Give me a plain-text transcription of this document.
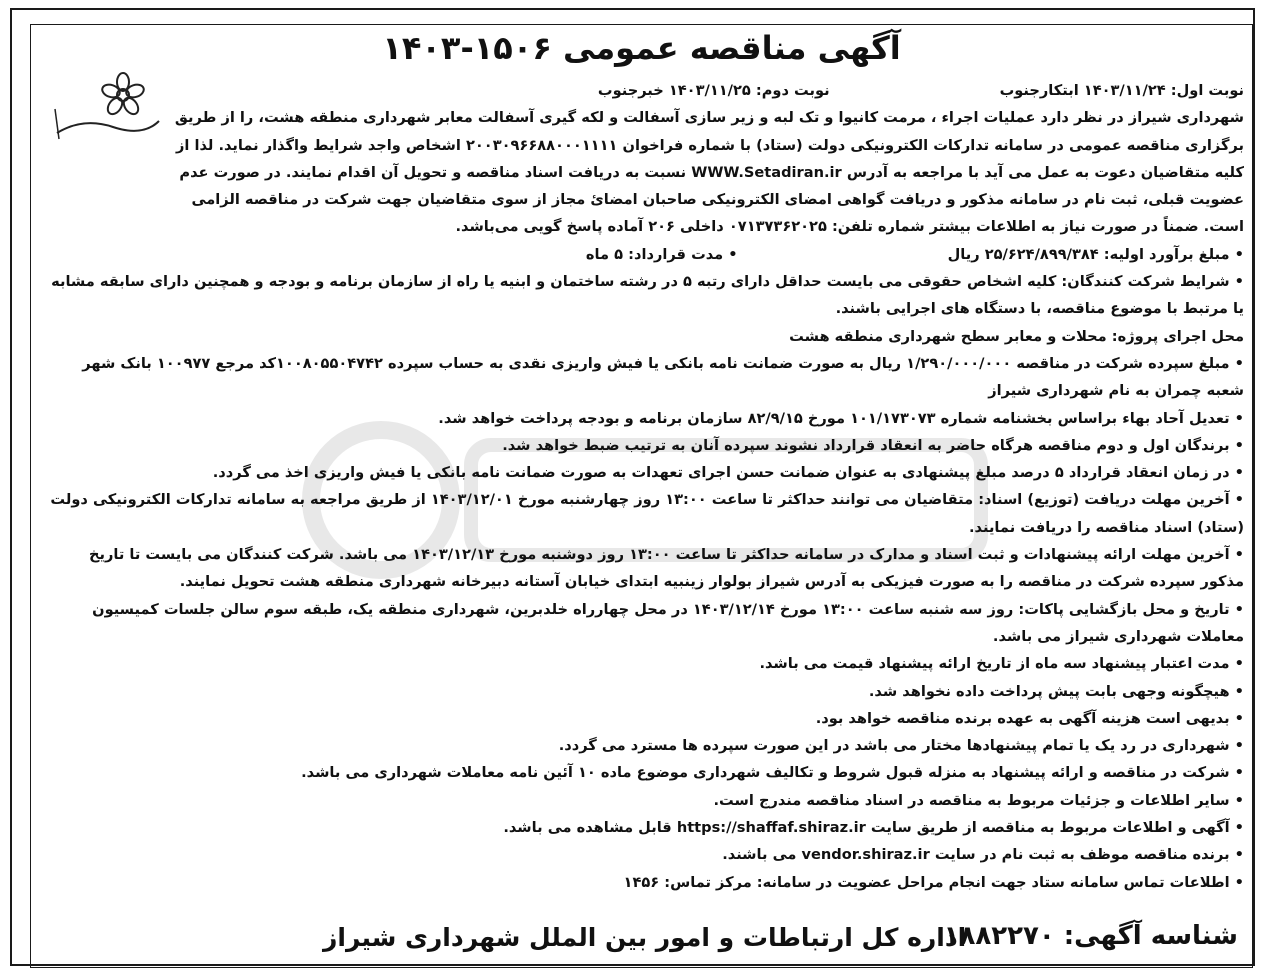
آگهی مناقصه عمومی ۱۵۰۶-۱۴۰۳
نوبت اول: ۱۴۰۳/۱۱/۲۴ ابتکارجنوب
نوبت دوم: ۱۴۰۳/۱۱/۲۵ خبرجنوب

شهرداری شیراز در نظر دارد عملیات اجراء ، مرمت کانیوا و تک لبه و زیر سازی آسفالت و لکه گیری آسفالت معابر شهرداری منطقه هشت، را از طریق برگزاری مناقصه عمومی در سامانه تدارکات الکترونیکی دولت (ستاد) با شماره فراخوان ۲۰۰۳۰۹۶۶۸۸۰۰۰۱۱۱۱ اشخاص واجد شرایط واگذار نماید. لذا از کلیه متقاضیان دعوت به عمل می آید با مراجعه به آدرس WWW.Setadiran.ir نسبت به دریافت اسناد مناقصه و تحویل آن اقدام نمایند. در صورت عدم عضویت قبلی، ثبت نام در سامانه مذکور و دریافت گواهی امضای الکترونیکی صاحبان امضائ مجاز از سوی متقاضیان جهت شرکت در مناقصه الزامی است. ضمناً در صورت نیاز به اطلاعات بیشتر شماره تلفن: ۰۷۱۳۷۳۶۲۰۲۵ داخلی ۲۰۶ آماده پاسخ گویی می‌باشد.

• مبلغ برآورد اولیه: ۲۵/۶۲۴/۸۹۹/۳۸۴ ریال
• مدت قرارداد: ۵ ماه

• شرایط شرکت کنندگان: کلیه اشخاص حقوقی می بایست حداقل دارای رتبه ۵ در رشته ساختمان و ابنیه یا راه از سازمان برنامه و بودجه و همچنین دارای سابقه مشابه یا مرتبط با موضوع مناقصه، با دستگاه های اجرایی باشند.

محل اجرای پروژه: محلات و معابر سطح شهرداری منطقه هشت

• مبلغ سپرده شرکت در مناقصه ۱/۲۹۰/۰۰۰/۰۰۰ ریال به صورت ضمانت نامه بانکی یا فیش واریزی نقدی به حساب سپرده ۱۰۰۸۰۵۵۰۴۷۴۲کد مرجع ۱۰۰۹۷۷ بانک شهر شعبه چمران به نام شهرداری شیراز

• تعدیل آحاد بهاء براساس بخشنامه شماره ۱۰۱/۱۷۳۰۷۳ مورخ ۸۲/۹/۱۵ سازمان برنامه و بودجه پرداخت خواهد شد.

• برندگان اول و دوم مناقصه هرگاه حاضر به انعقاد قرارداد نشوند سپرده آنان به ترتیب ضبط خواهد شد.

• در زمان انعقاد قرارداد ۵ درصد مبلغ پیشنهادی به عنوان ضمانت حسن اجرای تعهدات به صورت ضمانت نامه بانکی یا فیش واریزی اخذ می گردد.

• آخرین مهلت دریافت (توزیع) اسناد: متقاضیان می توانند حداکثر تا ساعت ۱۳:۰۰ روز چهارشنبه مورخ ۱۴۰۳/۱۲/۰۱ از طریق مراجعه به سامانه تدارکات الکترونیکی دولت (ستاد) اسناد مناقصه را دریافت نمایند.

• آخرین مهلت ارائه پیشنهادات و ثبت اسناد و مدارک در سامانه حداکثر تا ساعت ۱۳:۰۰ روز دوشنبه مورخ ۱۴۰۳/۱۲/۱۳ می باشد. شرکت کنندگان می بایست تا تاریخ مذکور سپرده شرکت در مناقصه را به صورت فیزیکی به آدرس شیراز بولوار زینبیه ابتدای خیابان آستانه دبیرخانه شهرداری منطقه هشت تحویل نمایند.

• تاریخ و محل بازگشایی پاکات: روز سه شنبه ساعت ۱۳:۰۰ مورخ ۱۴۰۳/۱۲/۱۴ در محل چهارراه خلدبرین، شهرداری منطقه یک، طبقه سوم سالن جلسات کمیسیون معاملات شهرداری شیراز می باشد.

• مدت اعتبار پیشنهاد سه ماه از تاریخ ارائه پیشنهاد قیمت می باشد.

• هیچگونه وجهی بابت پیش پرداخت داده نخواهد شد.

• بدیهی است هزینه آگهی به عهده برنده مناقصه خواهد بود.

• شهرداری در رد یک یا تمام پیشنهادها مختار می باشد در این صورت سپرده ها مسترد می گردد.

• شرکت در مناقصه و ارائه پیشنهاد به منزله قبول شروط و تکالیف شهرداری موضوع ماده ۱۰ آئین نامه معاملات شهرداری می باشد.

• سایر اطلاعات و جزئیات مربوط به مناقصه در اسناد مناقصه مندرج است.

• آگهی و اطلاعات مربوط به مناقصه از طریق سایت https://shaffaf.shiraz.ir قابل مشاهده می باشد.

• برنده مناقصه موظف به ثبت نام در سایت vendor.shiraz.ir می باشند.

• اطلاعات تماس سامانه ستاد جهت انجام مراحل عضویت در سامانه: مرکز تماس: ۱۴۵۶

شناسه آگهی: ۱۸۸۲۲۷۰
اداره کل ارتباطات و امور بین الملل شهرداری شیراز
